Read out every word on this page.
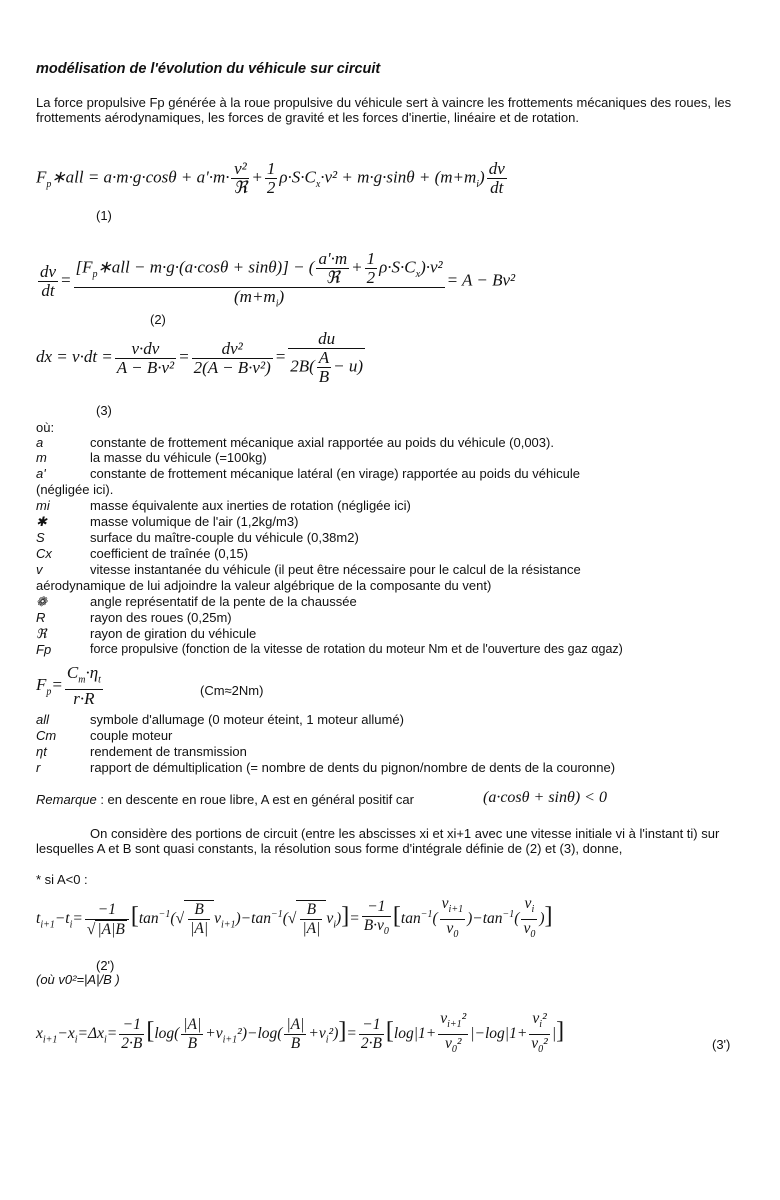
modélisation de l'évolution du véhicule sur circuit
La force propulsive Fp générée à la roue propulsive du véhicule sert à vaincre les frottements mécaniques des roues, les frottements aérodynamiques, les forces de gravité et les forces d'inertie, linéaire et de rotation.
$F_p∗all = a\cdot m\cdot g\cdot\cos\theta + a'\cdot m\cdot \frac{\text{v²}}{\text{ℜ}} + \frac{1}{2} \rho\cdot S\cdot C_x\cdot v^2 + m\cdot g\cdot\sin\theta + (m+m_i) \frac{dv}{dt}$
(1)
$\frac{dv}{dt} = \frac{[F_p∗all - m\cdot g\cdot(a\cdot\cos\theta + \sin\theta)] - ( \frac{a'\cdot m}{\text{ℜ}} + \frac{1}{2} \rho\cdot S\cdot C_x)\cdot v^2}{(m+m_i)} = A - Bv^2$
(2)
dx = $v\cdot dt = \frac{v\cdot dv}{\text{A − B·v²}} = \frac{\text{dv²}}{\text{2(A − B·v²)}} = \frac{du}{2B( \frac{A}{B} - u)}$
(3)
où:
a	constante de frottement mécanique axial rapportée au poids du véhicule (0,003).
m	la masse du véhicule (=100kg)
a'	constante de frottement mécanique latéral (en virage) rapportée au poids du véhicule
(négligée ici).
mi	masse équivalente aux inerties de rotation (négligée ici)
✱	masse volumique de l'air (1,2kg/m3)
S	surface du maître-couple du véhicule (0,38m2)
Cx	coefficient de traînée (0,15)
v	vitesse instantanée du véhicule (il peut être nécessaire pour le calcul de la résistance
aérodynamique de lui adjoindre la valeur algébrique de la composante du vent)
❁	angle représentatif de la pente de la chaussée
R	rayon des roues (0,25m)
ℜ	rayon de giration du véhicule
Fp	force propulsive (fonction de la vitesse de rotation du moteur Nm et de l'ouverture des gaz αgaz)
$F_p= \frac{C_m\cdot\eta_t}{r\cdot R}$	(Cm≈2Nm)
all	symbole d'allumage (0 moteur éteint, 1 moteur allumé)
Cm	couple moteur
ηt	rendement de transmission
r	rapport de démultiplication (= nombre de dents du pignon/nombre de dents de la couronne)
Remarque : en descente en roue libre, A est en général positif car	(a·cosθ + sinθ) < 0
On considère des portions de circuit (entre les abscisses xi et xi+1 avec une vitesse initiale vi à l'instant ti) sur lesquelles A et B sont quasi constants, la résolution sous forme d'intégrale définie de (2) et (3), donne,
* si A<0 :
$t_{i+1}-t_i= \frac{-1}{√ |A|B} [\tan^{-1}(√ \frac{B}{|A|} v_{i+1})-\tan^{-1}(√ \frac{B}{|A|} v_i)]= \frac{-1}{B\cdot v_0} [\tan^{-1}( \frac{v_{i+1}}{v_0} )-\tan^{-1}( \frac{v_i}{v_0}$ )]
(2')
(où v0²=|A|/B )
$x_{i+1}-x_i=\Delta x_i= \frac{-1}{2\cdot B} [\log( \frac{|A|}{B} +v_{i+1}^2)-\log( \frac{|A|}{B} +v_i^2)]= \frac{-1}{2\cdot B} [\log|1+ \frac{v_{i+1}^2}{v_0^2} |-\log|1+ \frac{v_i^2}{v_0^2}$ |]
(3')
